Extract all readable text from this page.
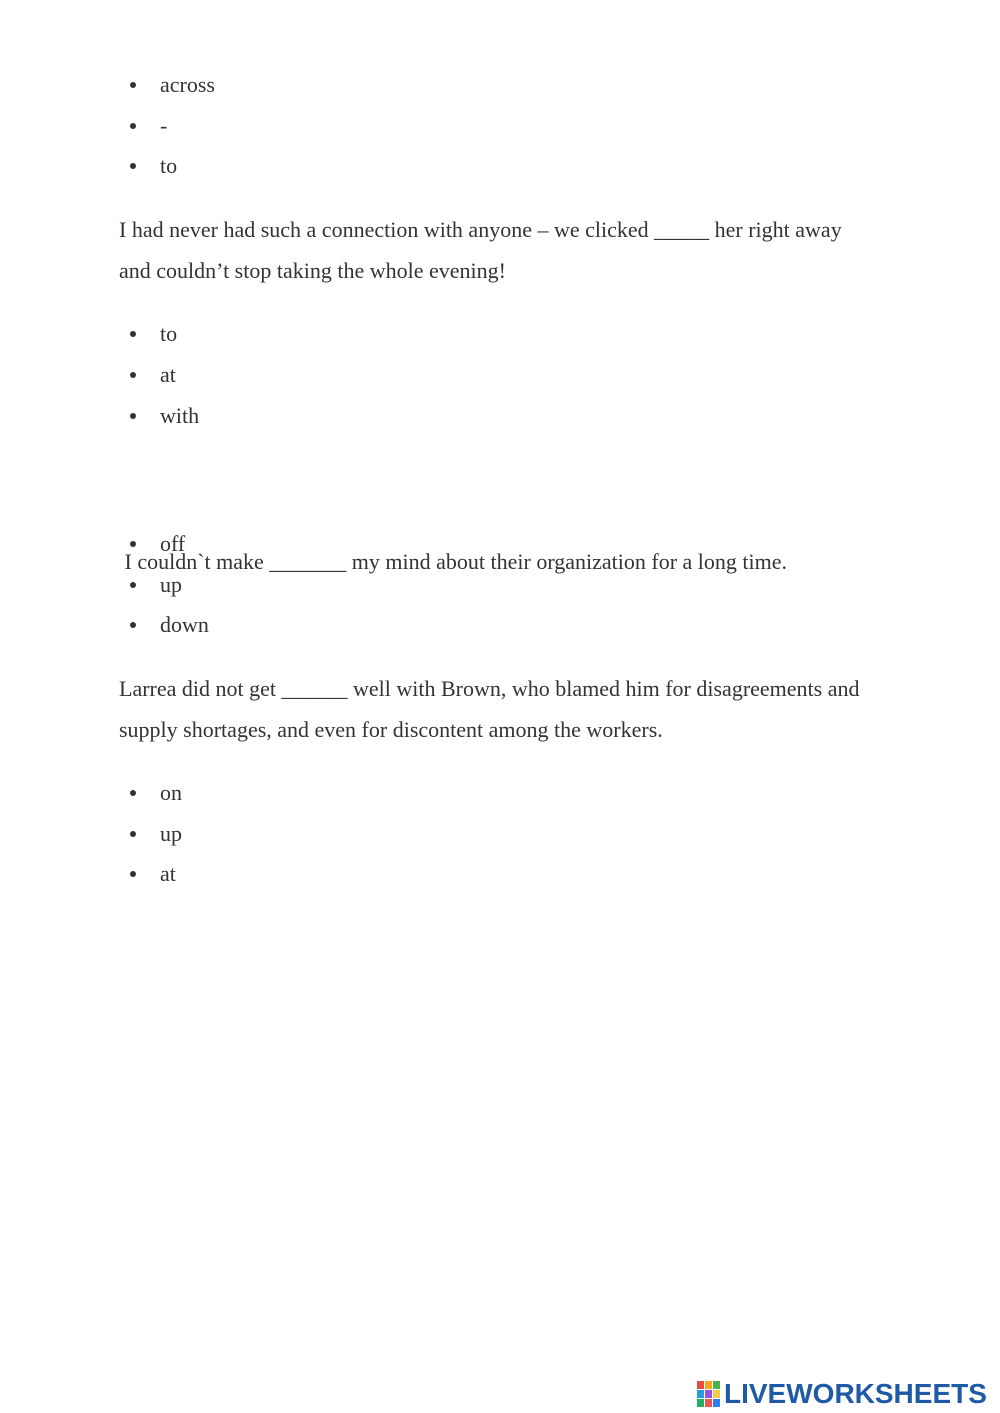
across
-
to
I had never had such a connection with anyone – we clicked _____ her right away
and couldn’t stop taking the whole evening!
to
at
with

I couldn`t make _______ my mind about their organization for a long time.

off
up
down
Larrea did not get ______ well with Brown, who blamed him for disagreements and
supply shortages, and even for discontent among the workers.
on
up
at
LIVEWORKSHEETS
